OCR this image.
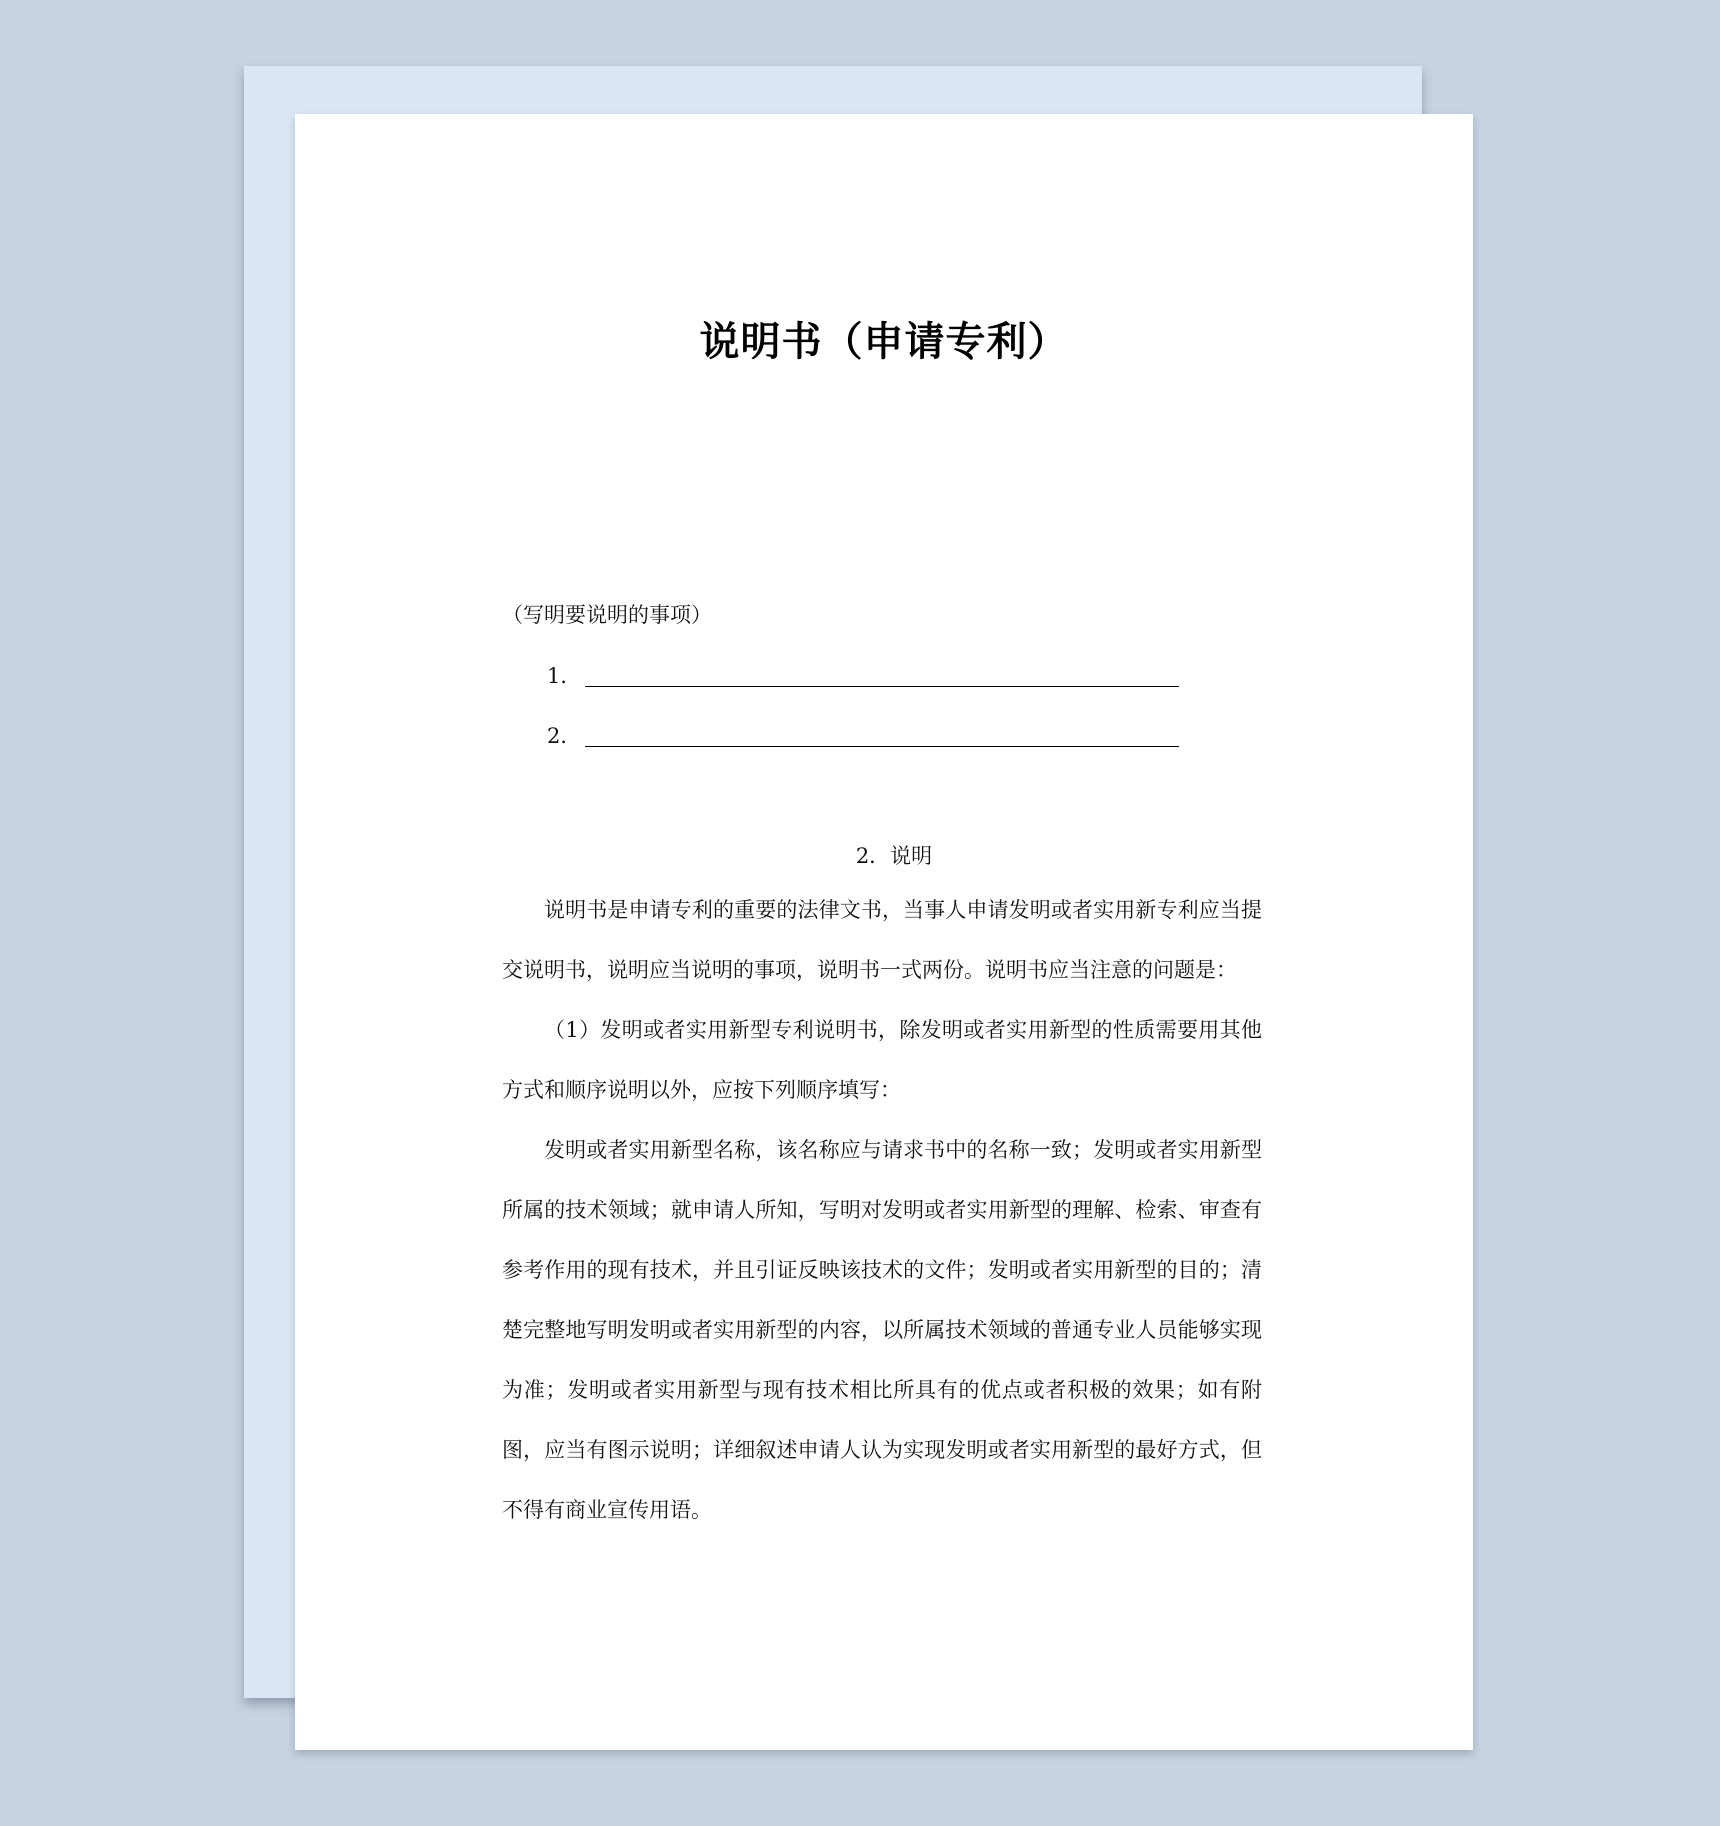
说明书（申请专利）

（写明要说明的事项）

1．
2．

2．说明

说明书是申请专利的重要的法律文书，当事人申请发明或者实用新专利应当提交说明书，说明应当说明的事项，说明书一式两份。说明书应当注意的问题是：

（1）发明或者实用新型专利说明书，除发明或者实用新型的性质需要用其他方式和顺序说明以外，应按下列顺序填写：

发明或者实用新型名称，该名称应与请求书中的名称一致；发明或者实用新型所属的技术领域；就申请人所知，写明对发明或者实用新型的理解、检索、审查有参考作用的现有技术，并且引证反映该技术的文件；发明或者实用新型的目的；清楚完整地写明发明或者实用新型的内容，以所属技术领域的普通专业人员能够实现为准；发明或者实用新型与现有技术相比所具有的优点或者积极的效果；如有附图，应当有图示说明；详细叙述申请人认为实现发明或者实用新型的最好方式，但不得有商业宣传用语。
